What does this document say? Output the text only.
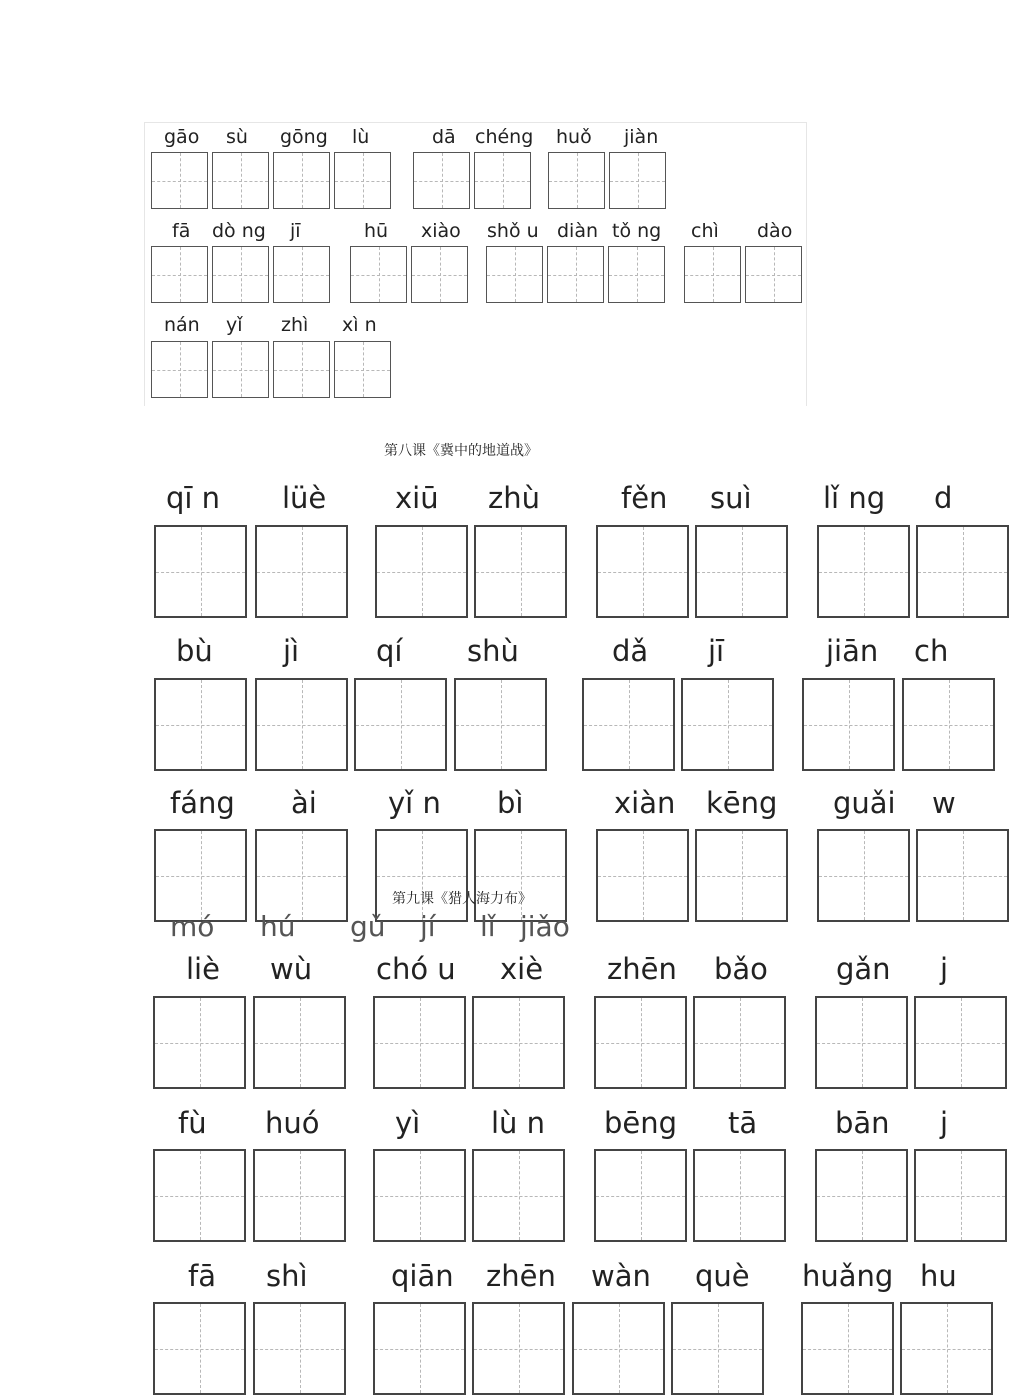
gāo sù gōng lù	dā chéng huǒ jiàn
fā dò ng jī	hū xiào shǒ u diàn tǒ ng chì dào
nán yǐ zhì xì n
第八课《冀中的地道战》
qī n lüè xiū zhù	fěn suì lǐ ng d
bù jì	qí shù	dǎ jī	jiān ch
fáng ài yǐ n bì	xiàn kēng guǎi w
第九课《猎人海力布》
mó hú gǔ jí lǐ jiǎo
liè wù chó u xiè zhēn bǎo gǎn j
fù huó	yì lù n bēng tā	bān j
fā shì	qiān zhēn wàn què huǎng hu
